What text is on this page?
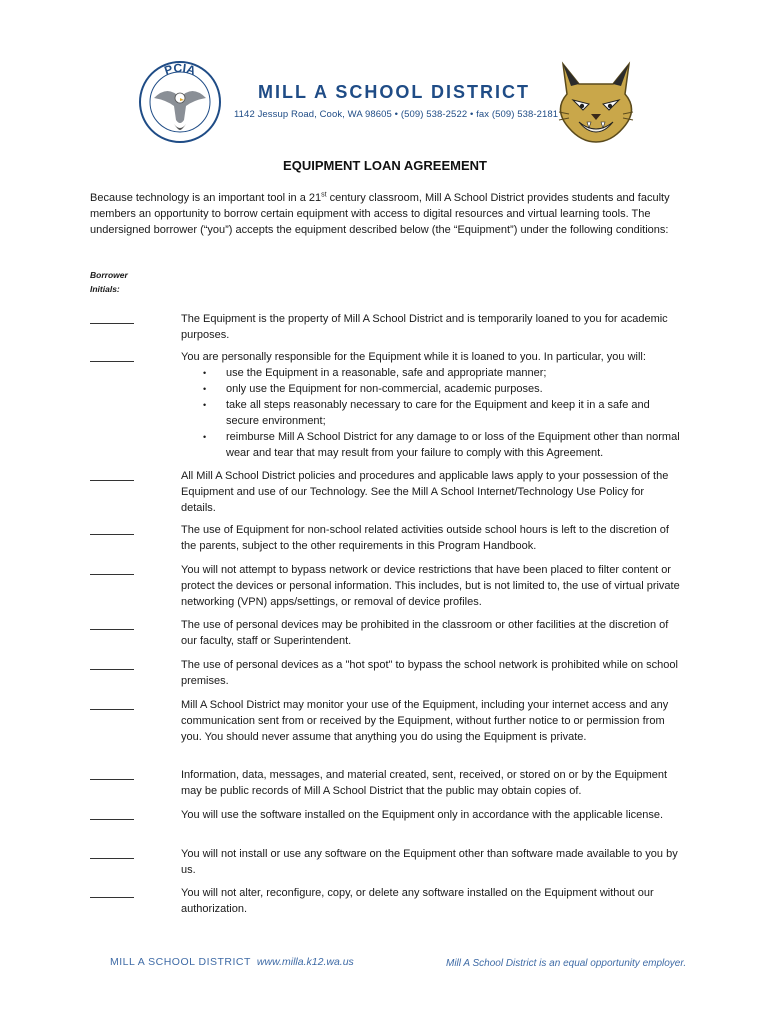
PCIA
MILL A SCHOOL DISTRICT
1142 Jessup Road, Cook, WA 98605 • (509) 538-2522 • fax (509) 538-2181
EQUIPMENT LOAN AGREEMENT
Because technology is an important tool in a 21st century classroom, Mill A School District provides students and faculty members an opportunity to borrow certain equipment with access to digital resources and virtual learning tools. The undersigned borrower (“you”) accepts the equipment described below (the “Equipment”) under the following conditions:
Borrower
Initials:
The Equipment is the property of Mill A School District and is temporarily loaned to you for academic purposes.
You are personally responsible for the Equipment while it is loaned to you. In particular, you will:
• use the Equipment in a reasonable, safe and appropriate manner;
• only use the Equipment for non-commercial, academic purposes.
• take all steps reasonably necessary to care for the Equipment and keep it in a safe and secure environment;
• reimburse Mill A School District for any damage to or loss of the Equipment other than normal wear and tear that may result from your failure to comply with this Agreement.
All Mill A School District policies and procedures and applicable laws apply to your possession of the Equipment and use of our Technology. See the Mill A School Internet/Technology Use Policy for details.
The use of Equipment for non-school related activities outside school hours is left to the discretion of the parents, subject to the other requirements in this Program Handbook.
You will not attempt to bypass network or device restrictions that have been placed to filter content or protect the devices or personal information. This includes, but is not limited to, the use of virtual private networking (VPN) apps/settings, or removal of device profiles.
The use of personal devices may be prohibited in the classroom or other facilities at the discretion of our faculty, staff or Superintendent.
The use of personal devices as a "hot spot" to bypass the school network is prohibited while on school premises.
Mill A School District may monitor your use of the Equipment, including your internet access and any communication sent from or received by the Equipment, without further notice to or permission from you. You should never assume that anything you do using the Equipment is private.
Information, data, messages, and material created, sent, received, or stored on or by the Equipment may be public records of Mill A School District that the public may obtain copies of.
You will use the software installed on the Equipment only in accordance with the applicable license.
You will not install or use any software on the Equipment other than software made available to you by us.
You will not alter, reconfigure, copy, or delete any software installed on the Equipment without our authorization.
MILL A SCHOOL DISTRICT www.milla.k12.wa.us	Mill A School District is an equal opportunity employer.
